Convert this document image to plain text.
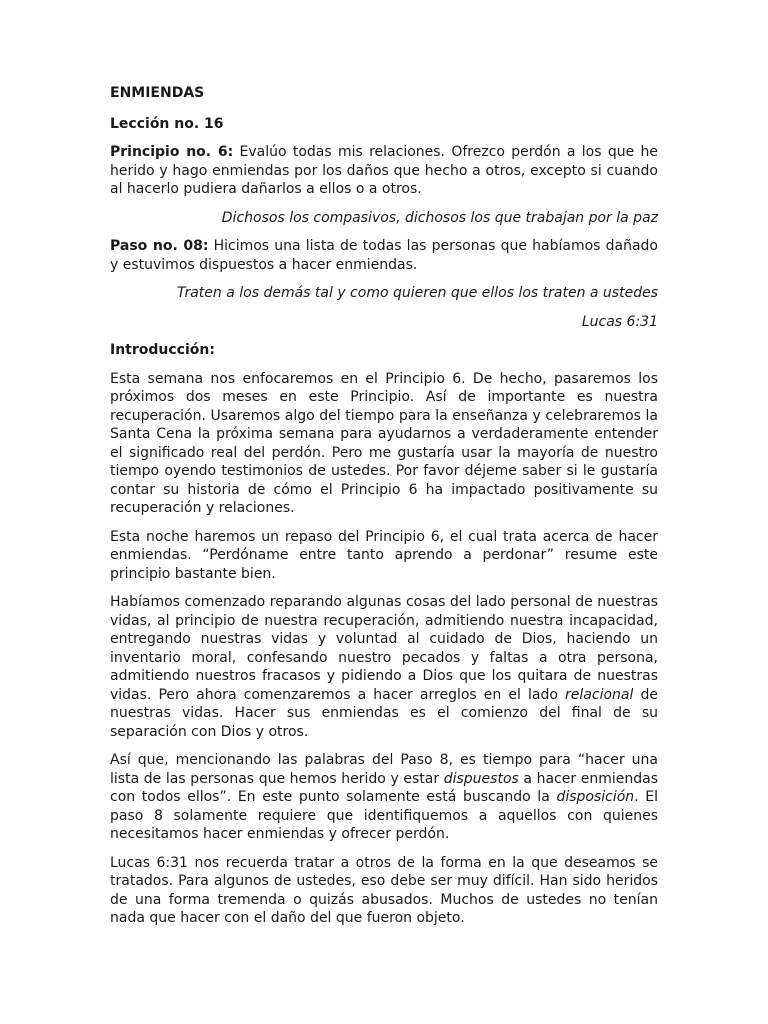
ENMIENDAS

Lección no. 16

Principio no. 6: Evalúo todas mis relaciones. Ofrezco perdón a los que he herido y hago enmiendas por los daños que hecho a otros, excepto si cuando al hacerlo pudiera dañarlos a ellos o a otros.

Dichosos los compasivos, dichosos los que trabajan por la paz

Paso no. 08: Hicimos una lista de todas las personas que habíamos dañado y estuvimos dispuestos a hacer enmiendas.

Traten a los demás tal y como quieren que ellos los traten a ustedes

Lucas 6:31

Introducción:

Esta semana nos enfocaremos en el Principio 6. De hecho, pasaremos los próximos dos meses en este Principio. Así de importante es nuestra recuperación. Usaremos algo del tiempo para la enseñanza y celebraremos la Santa Cena la próxima semana para ayudarnos a verdaderamente entender el significado real del perdón. Pero me gustaría usar la mayoría de nuestro tiempo oyendo testimonios de ustedes. Por favor déjeme saber si le gustaría contar su historia de cómo el Principio 6 ha impactado positivamente su recuperación y relaciones.

Esta noche haremos un repaso del Principio 6, el cual trata acerca de hacer enmiendas. “Perdóname entre tanto aprendo a perdonar” resume este principio bastante bien.

Habíamos comenzado reparando algunas cosas del lado personal de nuestras vidas, al principio de nuestra recuperación, admitiendo nuestra incapacidad, entregando nuestras vidas y voluntad al cuidado de Dios, haciendo un inventario moral, confesando nuestro pecados y faltas a otra persona, admitiendo nuestros fracasos y pidiendo a Dios que los quitara de nuestras vidas. Pero ahora comenzaremos a hacer arreglos en el lado relacional de nuestras vidas. Hacer sus enmiendas es el comienzo del final de su separación con Dios y otros.

Así que, mencionando las palabras del Paso 8, es tiempo para “hacer una lista de las personas que hemos herido y estar dispuestos a hacer enmiendas con todos ellos”. En este punto solamente está buscando la disposición. El paso 8 solamente requiere que identifiquemos a aquellos con quienes necesitamos hacer enmiendas y ofrecer perdón.

Lucas 6:31 nos recuerda tratar a otros de la forma en la que deseamos se tratados. Para algunos de ustedes, eso debe ser muy difícil. Han sido heridos de una forma tremenda o quizás abusados. Muchos de ustedes no tenían nada que hacer con el daño del que fueron objeto.
